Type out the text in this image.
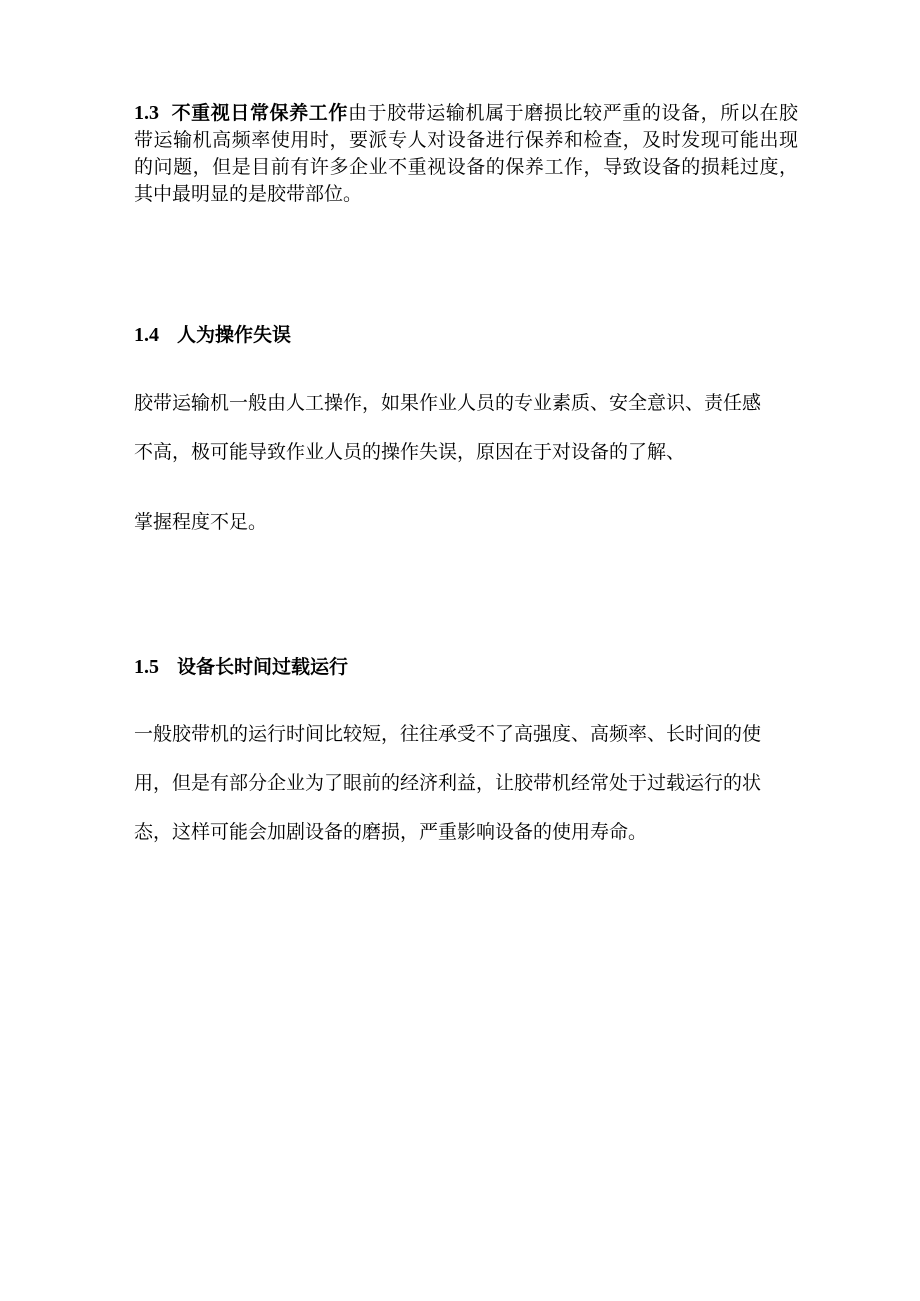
1.3 不重视日常保养工作由于胶带运输机属于磨损比较严重的设备，所以在胶带运输机高频率使用时，要派专人对设备进行保养和检查，及时发现可能出现的问题，但是目前有许多企业不重视设备的保养工作，导致设备的损耗过度，其中最明显的是胶带部位。
1.4 人为操作失误
胶带运输机一般由人工操作，如果作业人员的专业素质、安全意识、责任感
不高，极可能导致作业人员的操作失误，原因在于对设备的了解、
掌握程度不足。
1.5 设备长时间过载运行
一般胶带机的运行时间比较短，往往承受不了高强度、高频率、长时间的使
用，但是有部分企业为了眼前的经济利益，让胶带机经常处于过载运行的状
态，这样可能会加剧设备的磨损，严重影响设备的使用寿命。
